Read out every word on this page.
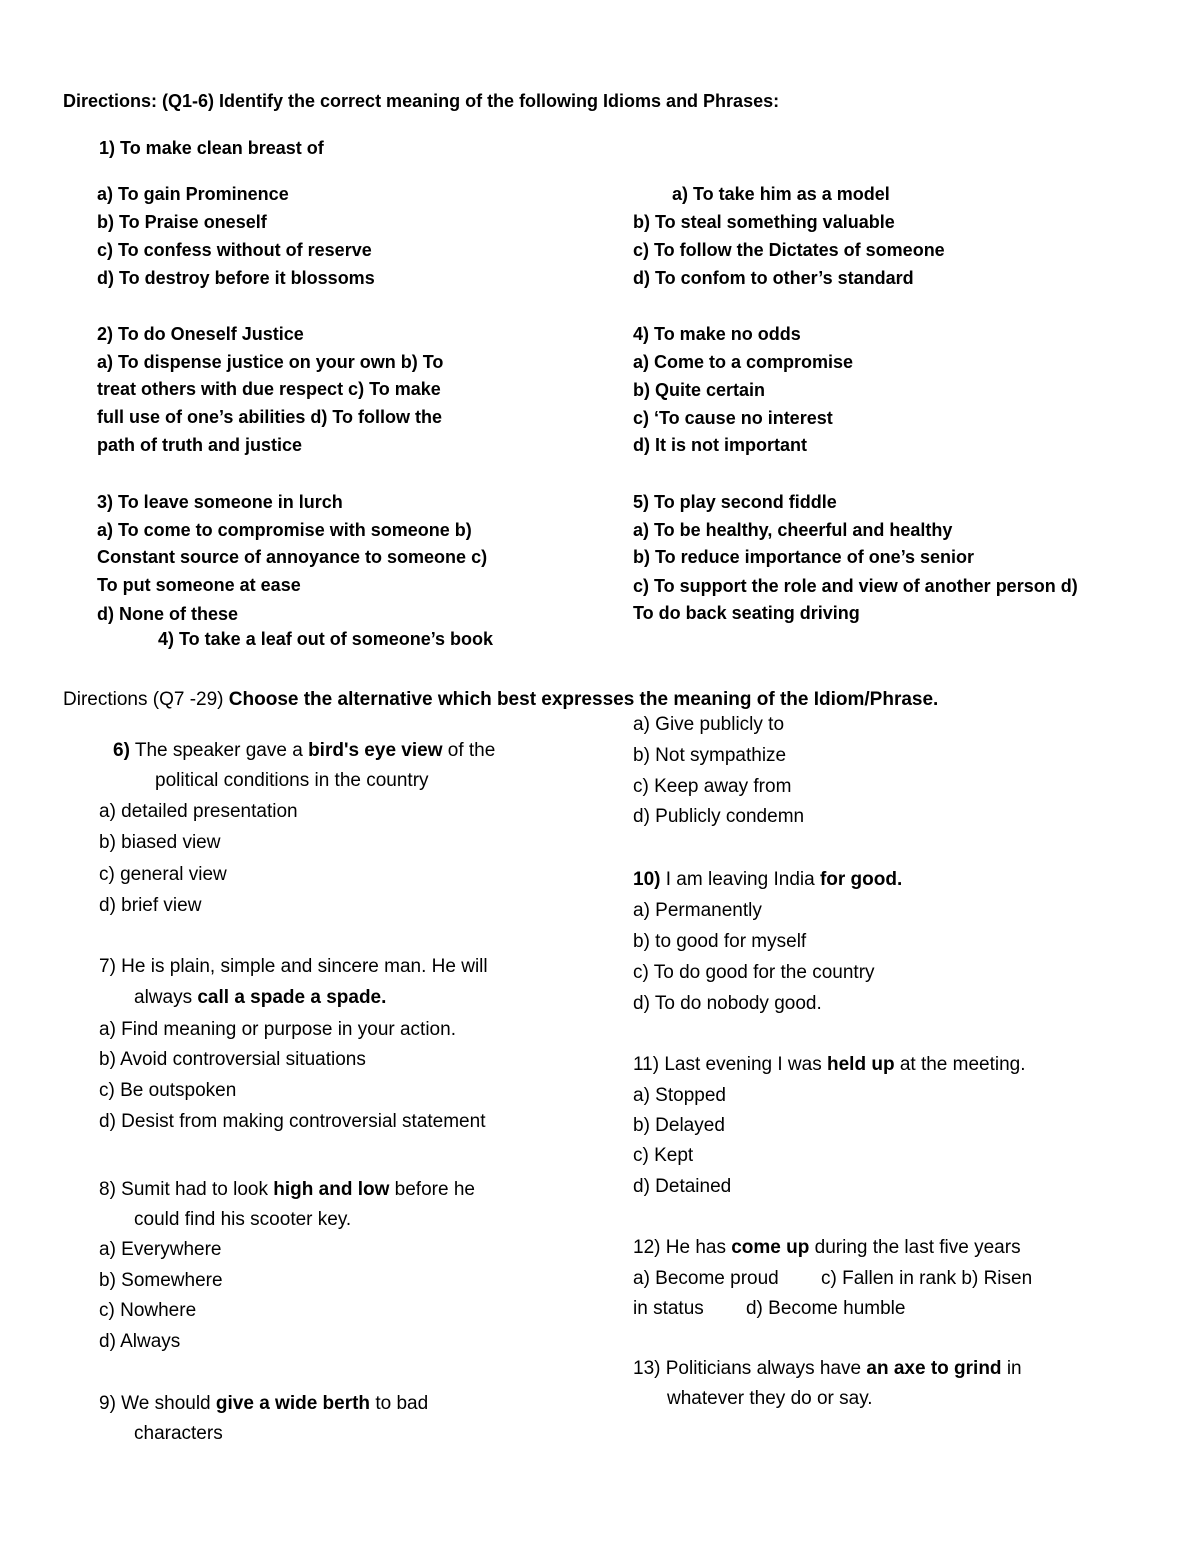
Directions: (Q1-6) Identify the correct meaning of the following Idioms and Phrases:
1) To make clean breast of
a) To gain Prominence
b) To Praise oneself
c) To confess without of reserve
d) To destroy before it blossoms
a) To take him as a model
b) To steal something valuable
c) To follow the Dictates of someone
d) To confom to other’s standard
2) To do Oneself Justice
a) To dispense justice on your own b) To
treat others with due respect c) To make
full use of one’s abilities d) To follow the
path of truth and justice
4) To make no odds
a) Come to a compromise
b) Quite certain
c) ‘To cause no interest
d) It is not important
3) To leave someone in lurch
a) To come to compromise with someone b)
Constant source of annoyance to someone c)
To put someone at ease
d) None of these
5) To play second fiddle
a) To be healthy, cheerful and healthy
b) To reduce importance of one’s senior
c) To support the role and view of another person d)
To do back seating driving
4) To take a leaf out of someone’s book
Directions (Q7 -29) Choose the alternative which best expresses the meaning of the Idiom/Phrase.
a) Give publicly to
b) Not sympathize
c) Keep away from
d) Publicly condemn
6) The speaker gave a bird's eye view of the
political conditions in the country
a) detailed presentation
b) biased view
c) general view
d) brief view
10) I am leaving India for good.
a) Permanently
b) to good for myself
c) To do good for the country
d) To do nobody good.
7) He is plain, simple and sincere man. He will
always call a spade a spade.
a) Find meaning or purpose in your action.
b) Avoid controversial situations
c) Be outspoken
d) Desist from making controversial statement
11) Last evening I was held up at the meeting.
a) Stopped
b) Delayed
c) Kept
d) Detained
8) Sumit had to look high and low before he
could find his scooter key.
a) Everywhere
b) Somewhere
c) Nowhere
d) Always
12) He has come up during the last five years
a) Become proud        c) Fallen in rank b) Risen
in status        d) Become humble
13) Politicians always have an axe to grind in
whatever they do or say.
9) We should give a wide berth to bad
characters
